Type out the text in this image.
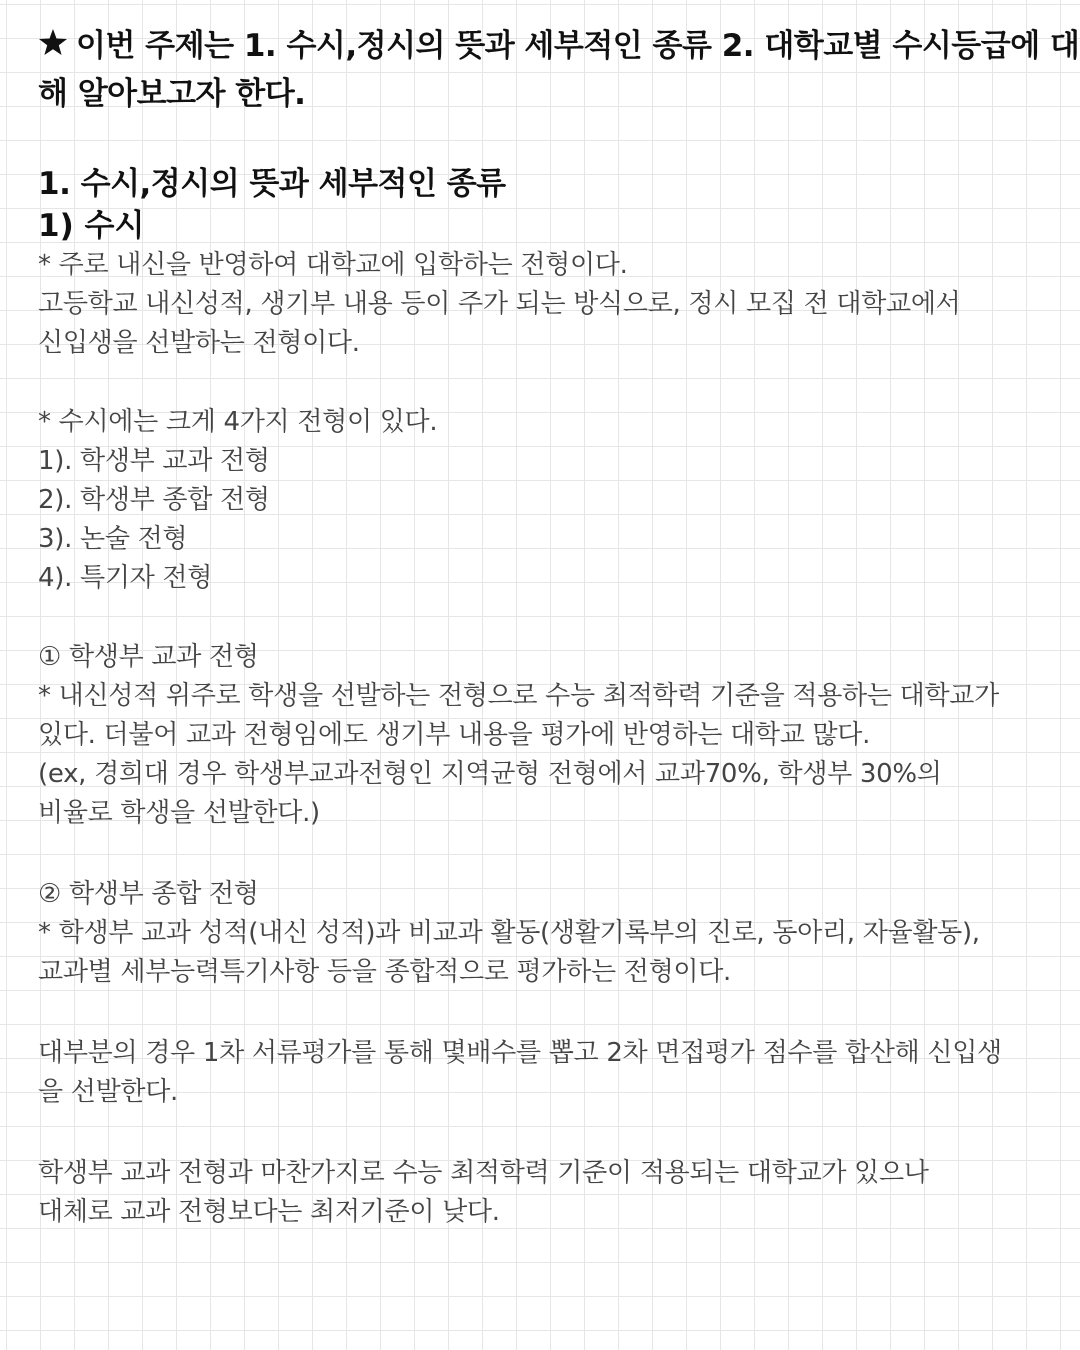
이번 주제는 1. 수시,정시의 뜻과 세부적인 종류 2. 대학교별 수시등급에 대
해 알아보고자 한다.
1. 수시,정시의 뜻과 세부적인 종류
1) 수시
* 주로 내신을 반영하여 대학교에 입학하는 전형이다.
고등학교 내신성적, 생기부 내용 등이 주가 되는 방식으로, 정시 모집 전 대학교에서
신입생을 선발하는 전형이다.
* 수시에는 크게 4가지 전형이 있다.
1). 학생부 교과 전형
2). 학생부 종합 전형
3). 논술 전형
4). 특기자 전형
① 학생부 교과 전형
* 내신성적 위주로 학생을 선발하는 전형으로 수능 최적학력 기준을 적용하는 대학교가
있다. 더불어 교과 전형임에도 생기부 내용을 평가에 반영하는 대학교 많다.
(ex, 경희대 경우 학생부교과전형인 지역균형 전형에서 교과70%, 학생부 30%의
비율로 학생을 선발한다.)
② 학생부 종합 전형
* 학생부 교과 성적(내신 성적)과 비교과 활동(생활기록부의 진로, 동아리, 자율활동),
교과별 세부능력특기사항 등을 종합적으로 평가하는 전형이다.
대부분의 경우 1차 서류평가를 통해 몇배수를 뽑고 2차 면접평가 점수를 합산해 신입생
을 선발한다.
학생부 교과 전형과 마찬가지로 수능 최적학력 기준이 적용되는 대학교가 있으나
대체로 교과 전형보다는 최저기준이 낮다.
